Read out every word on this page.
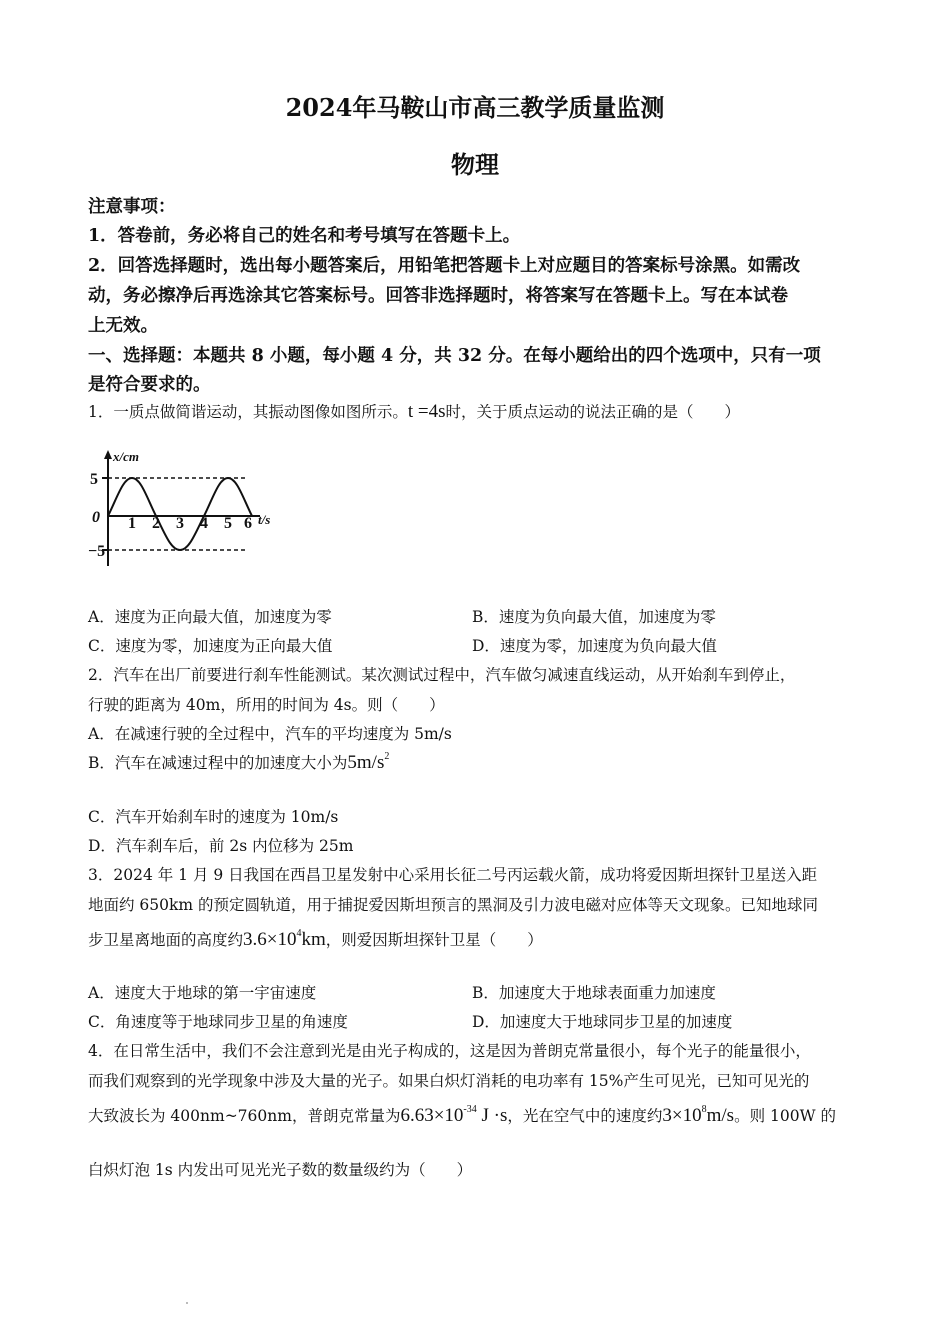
2024年马鞍山市高三教学质量监测
物理
注意事项：
1．答卷前，务必将自己的姓名和考号填写在答题卡上。
2．回答选择题时，选出每小题答案后，用铅笔把答题卡上对应题目的答案标号涂黑。如需改
动，务必擦净后再选涂其它答案标号。回答非选择题时，将答案写在答题卡上。写在本试卷
上无效。
一、选择题：本题共 8 小题，每小题 4 分，共 32 分。在每小题给出的四个选项中，只有一项
是符合要求的。
1．一质点做简谐运动，其振动图像如图所示。t =4s时，关于质点运动的说法正确的是（　　）
x/cm
5
0
−5
1 2 3 4 5 6 t/s
A．速度为正向最大值，加速度为零	B．速度为负向最大值，加速度为零
C．速度为零，加速度为正向最大值	D．速度为零，加速度为负向最大值
2．汽车在出厂前要进行刹车性能测试。某次测试过程中，汽车做匀减速直线运动，从开始刹车到停止，
行驶的距离为 40m，所用的时间为 4s。则（　　）
A．在减速行驶的全过程中，汽车的平均速度为 5m/s
B．汽车在减速过程中的加速度大小为$5m/s^2$
C．汽车开始刹车时的速度为 10m/s
D．汽车刹车后，前 2s 内位移为 25m
3．2024 年 1 月 9 日我国在西昌卫星发射中心采用长征二号丙运载火箭，成功将爱因斯坦探针卫星送入距
地面约 650km 的预定圆轨道，用于捕捉爱因斯坦预言的黑洞及引力波电磁对应体等天文现象。已知地球同
步卫星离地面的高度约$3.6\times 10^4km$，则爱因斯坦探针卫星（　　）
A．速度大于地球的第一宇宙速度	B．加速度大于地球表面重力加速度
C．角速度等于地球同步卫星的角速度	D．加速度大于地球同步卫星的加速度
4．在日常生活中，我们不会注意到光是由光子构成的，这是因为普朗克常量很小，每个光子的能量很小，
而我们观察到的光学现象中涉及大量的光子。如果白炽灯消耗的电功率有 15%产生可见光，已知可见光的
大致波长为 400nm~760nm，普朗克常量为$6.63\times 10^{-34}$ J ·s，光在空气中的速度约$3\times 10^8m/s$。则 100W 的
白炽灯泡 1s 内发出可见光光子数的数量级约为（　　）
